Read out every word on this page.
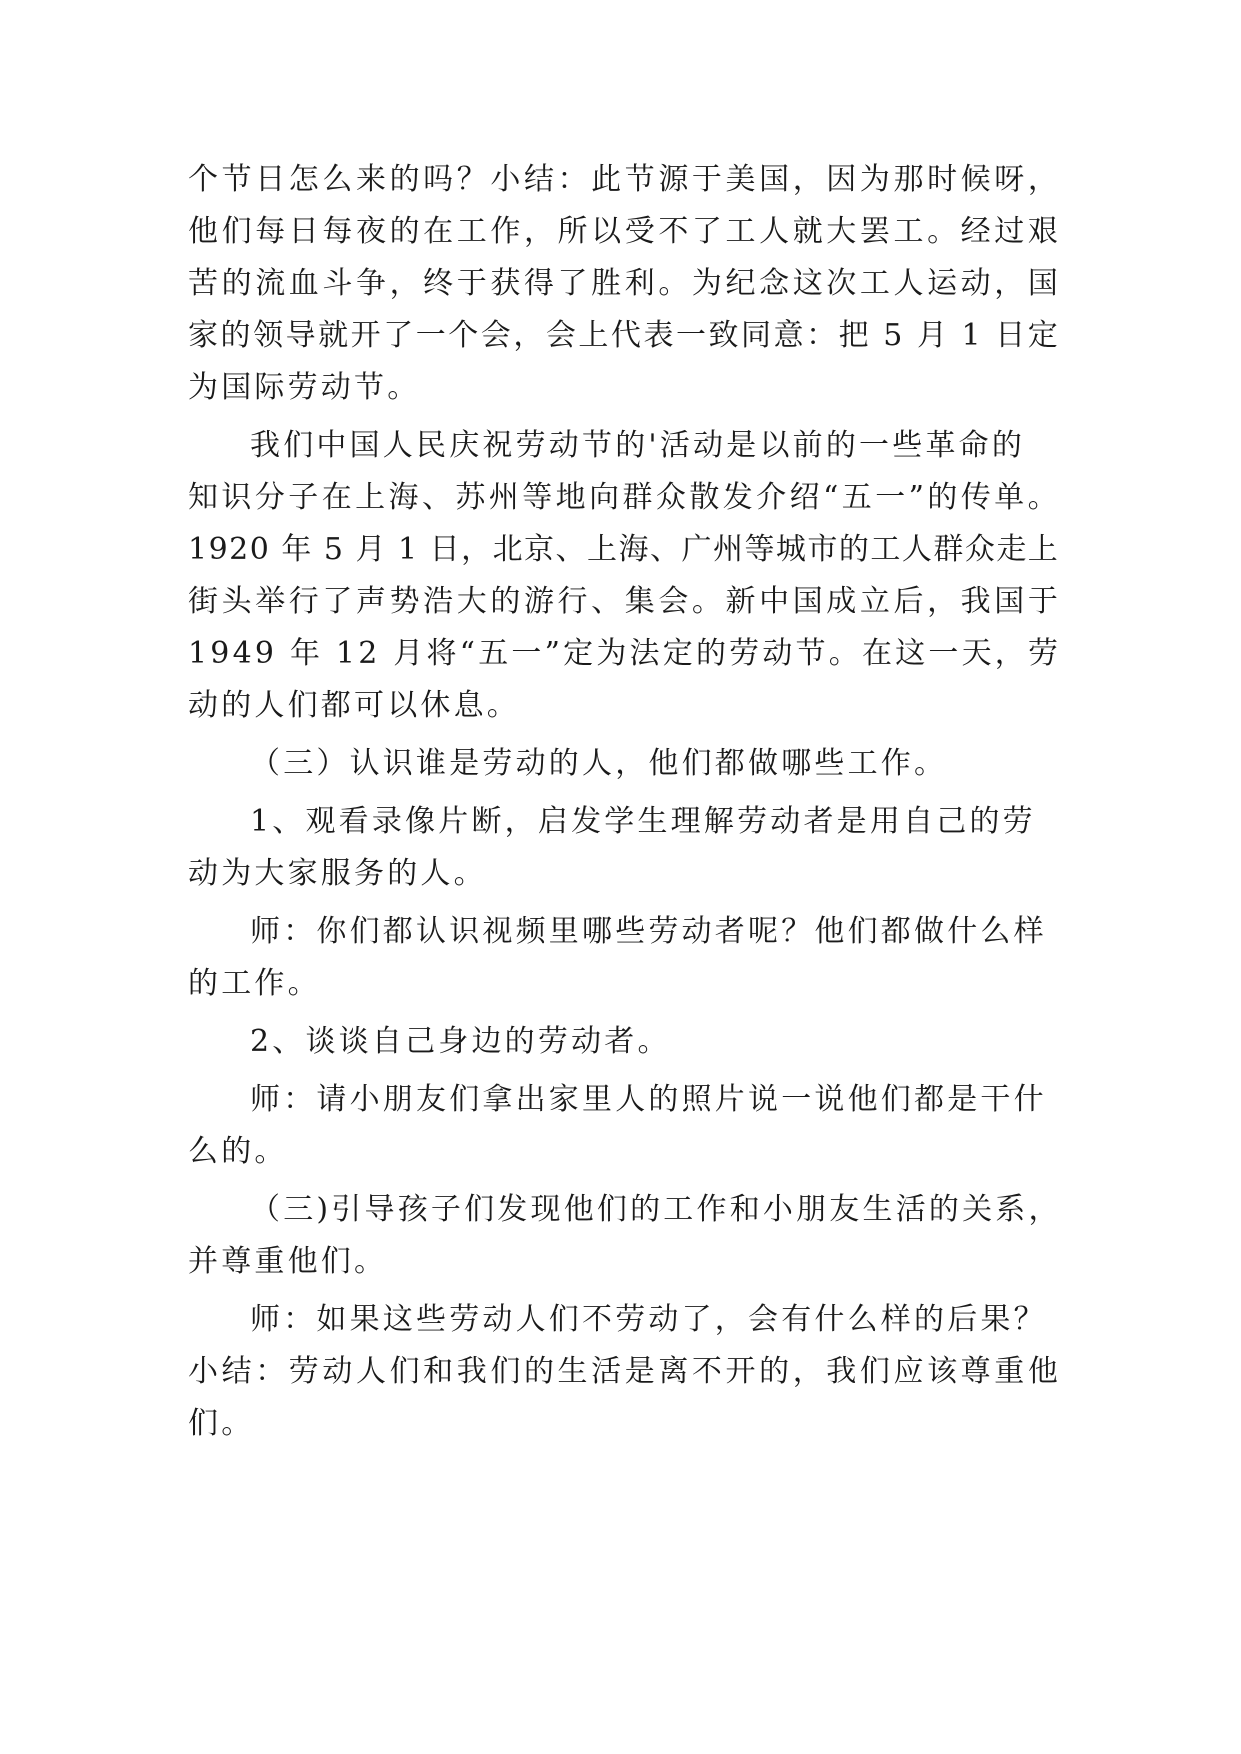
个 节 日 怎 么 来 的 吗 ？ 小 结 ： 此 节 源 于 美 国 ， 因 为 那 时 候 呀 ，
他 们 每 日 每 夜 的 在 工 作 ， 所 以 受 不 了 工 人 就 大 罢 工 。 经 过 艰
苦 的 流 血 斗 争 ， 终 于 获 得 了 胜 利 。 为 纪 念 这 次 工 人 运 动 ， 国
家 的 领 导 就 开 了 一 个 会 ， 会 上 代 表 一 致 同 意 ： 把
5
月
1
日 定
为国际劳动节。
我们中国人民庆祝劳动节的'活动是以前的一些革命的
知 识 分 子 在 上 海 、 苏 州 等 地 向 群 众 散 发 介 绍 “ 五 一 ” 的 传 单 。
1 9 2 0
年
5
月
1
日 ， 北 京 、 上 海 、 广 州 等 城 市 的 工 人 群 众 走 上
街 头 举 行 了 声 势 浩 大 的 游 行 、 集 会 。 新 中 国 成 立 后 ， 我 国 于
1 9 4 9
年
1 2
月 将 “ 五 一 ” 定 为 法 定 的 劳 动 节 。 在 这 一 天 ， 劳
动的人们都可以休息。
（三）认识谁是劳动的人，他们都做哪些工作。
1、观看录像片断，启发学生理解劳动者是用自己的劳
动为大家服务的人。
师：你们都认识视频里哪些劳动者呢？他们都做什么样
的工作。
2、谈谈自己身边的劳动者。
师：请小朋友们拿出家里人的照片说一说他们都是干什
么的。
（三)引导孩子们发现他们的工作和小朋友生活的关系，
并尊重他们。
师：如果这些劳动人们不劳动了，会有什么样的后果？
小 结 ： 劳 动 人 们 和 我 们 的 生 活 是 离 不 开 的 ， 我 们 应 该 尊 重 他
们。
